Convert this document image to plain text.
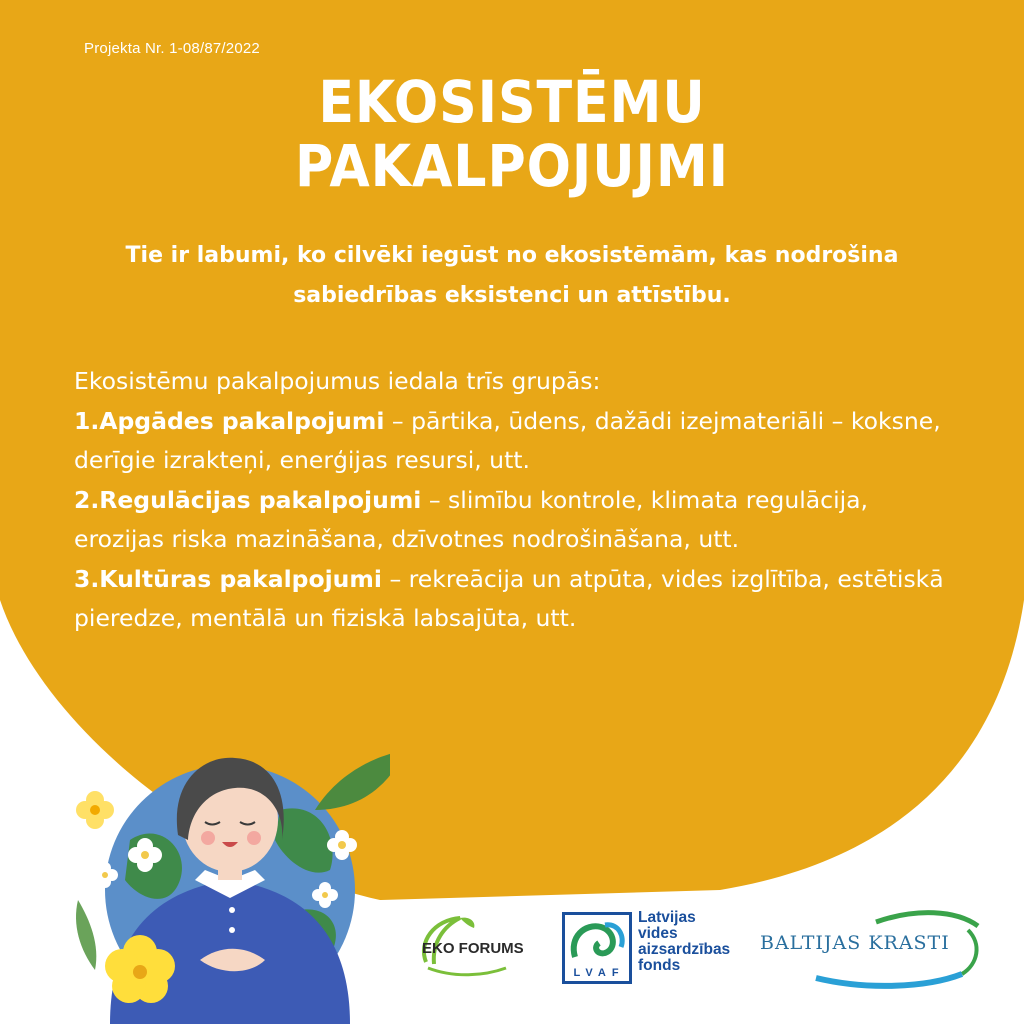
Projekta Nr. 1-08/87/2022
EKOSISTĒMU
PAKALPOJUJMI
Tie ir labumi, ko cilvēki iegūst no ekosistēmām, kas nodrošina sabiedrības eksistenci un attīstību.

Ekosistēmu pakalpojumus iedala trīs grupās:

1.Apgādes pakalpojumi – pārtika, ūdens, dažādi izejmateriāli – koksne, derīgie izrakteņi, enerģijas resursi, utt.

2.Regulācijas pakalpojumi – slimību kontrole, klimata regulācija, erozijas riska mazināšana, dzīvotnes nodrošināšana, utt.

3.Kultūras pakalpojumi – rekreācija un atpūta, vides izglītība, estētiskā pieredze, mentālā un fiziskā labsajūta, utt.

EKO FORUMS
LVAF
Latvijas
vides
aizsardzības
fonds
BALTIJAS KRASTI
